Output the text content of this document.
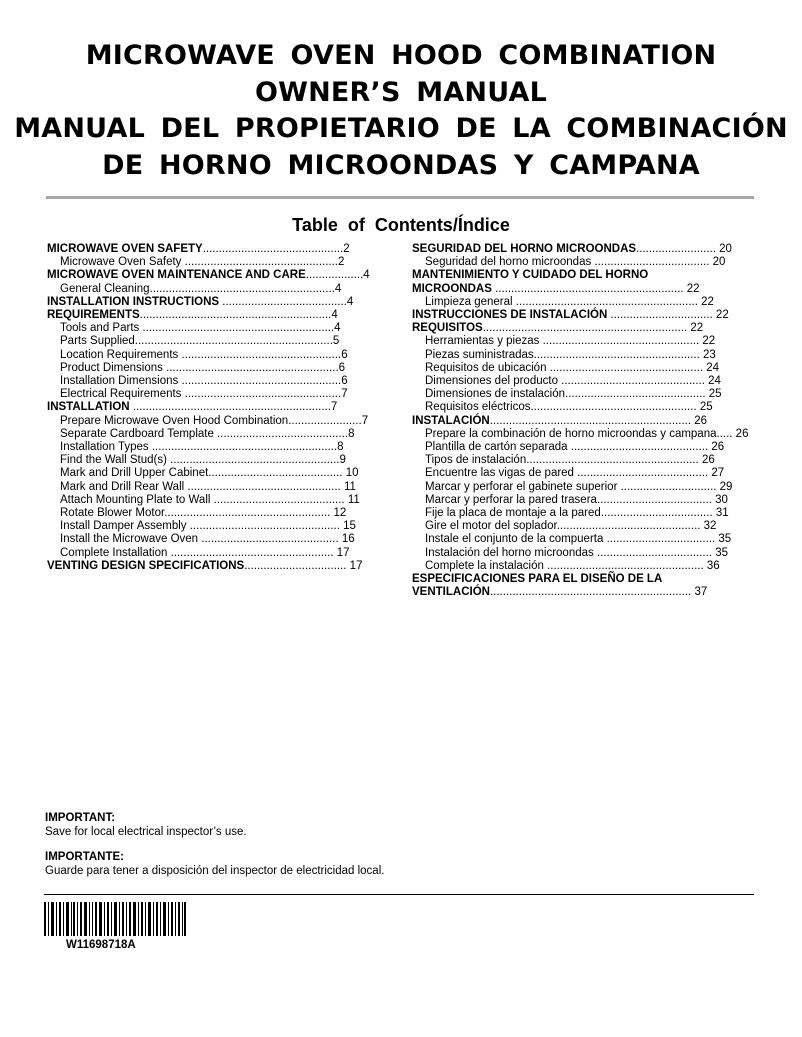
MICROWAVE OVEN HOOD COMBINATION
OWNER’S MANUAL
MANUAL DEL PROPIETARIO DE LA COMBINACIÓN
DE HORNO MICROONDAS Y CAMPANA
Table of Contents/Índice
MICROWAVE OVEN SAFETY............................................2
Microwave Oven Safety ................................................2
MICROWAVE OVEN MAINTENANCE AND CARE..................4
General Cleaning..........................................................4
INSTALLATION INSTRUCTIONS .......................................4
REQUIREMENTS............................................................4
Tools and Parts ............................................................4
Parts Supplied..............................................................5
Location Requirements ..................................................6
Product Dimensions ......................................................6
Installation Dimensions ..................................................6
Electrical Requirements .................................................7
INSTALLATION ..............................................................7
Prepare Microwave Oven Hood Combination.......................7
Separate Cardboard Template .........................................8
Installation Types ..........................................................8
Find the Wall Stud(s) .....................................................9
Mark and Drill Upper Cabinet.......................................... 10
Mark and Drill Rear Wall ................................................ 11
Attach Mounting Plate to Wall ......................................... 11
Rotate Blower Motor.................................................... 12
Install Damper Assembly ............................................... 15
Install the Microwave Oven ........................................... 16
Complete Installation ................................................... 17
VENTING DESIGN SPECIFICATIONS................................ 17
SEGURIDAD DEL HORNO MICROONDAS......................... 20
Seguridad del horno microondas .................................... 20
MANTENIMIENTO Y CUIDADO DEL HORNO
MICROONDAS ........................................................... 22
Limpieza general ......................................................... 22
INSTRUCCIONES DE INSTALACIÓN ................................ 22
REQUISITOS................................................................ 22
Herramientas y piezas ................................................. 22
Piezas suministradas.................................................... 23
Requisitos de ubicación ................................................ 24
Dimensiones del producto ............................................. 24
Dimensiones de instalación............................................ 25
Requisitos eléctricos.................................................... 25
INSTALACIÓN............................................................... 26
Prepare la combinación de horno microondas y campana..... 26
Plantilla de cartón separada ........................................... 26
Tipos de instalación...................................................... 26
Encuentre las vigas de pared ......................................... 27
Marcar y perforar el gabinete superior .............................. 29
Marcar y perforar la pared trasera.................................... 30
Fije la placa de montaje a la pared................................... 31
Gire el motor del soplador............................................. 32
Instale el conjunto de la compuerta .................................. 35
Instalación del horno microondas .................................... 35
Complete la instalación ................................................. 36
ESPECIFICACIONES PARA EL DISEÑO DE LA
VENTILACIÓN............................................................... 37
IMPORTANT:
Save for local electrical inspector’s use.
IMPORTANTE:
Guarde para tener a disposición del inspector de electricidad local.
W11698718A
